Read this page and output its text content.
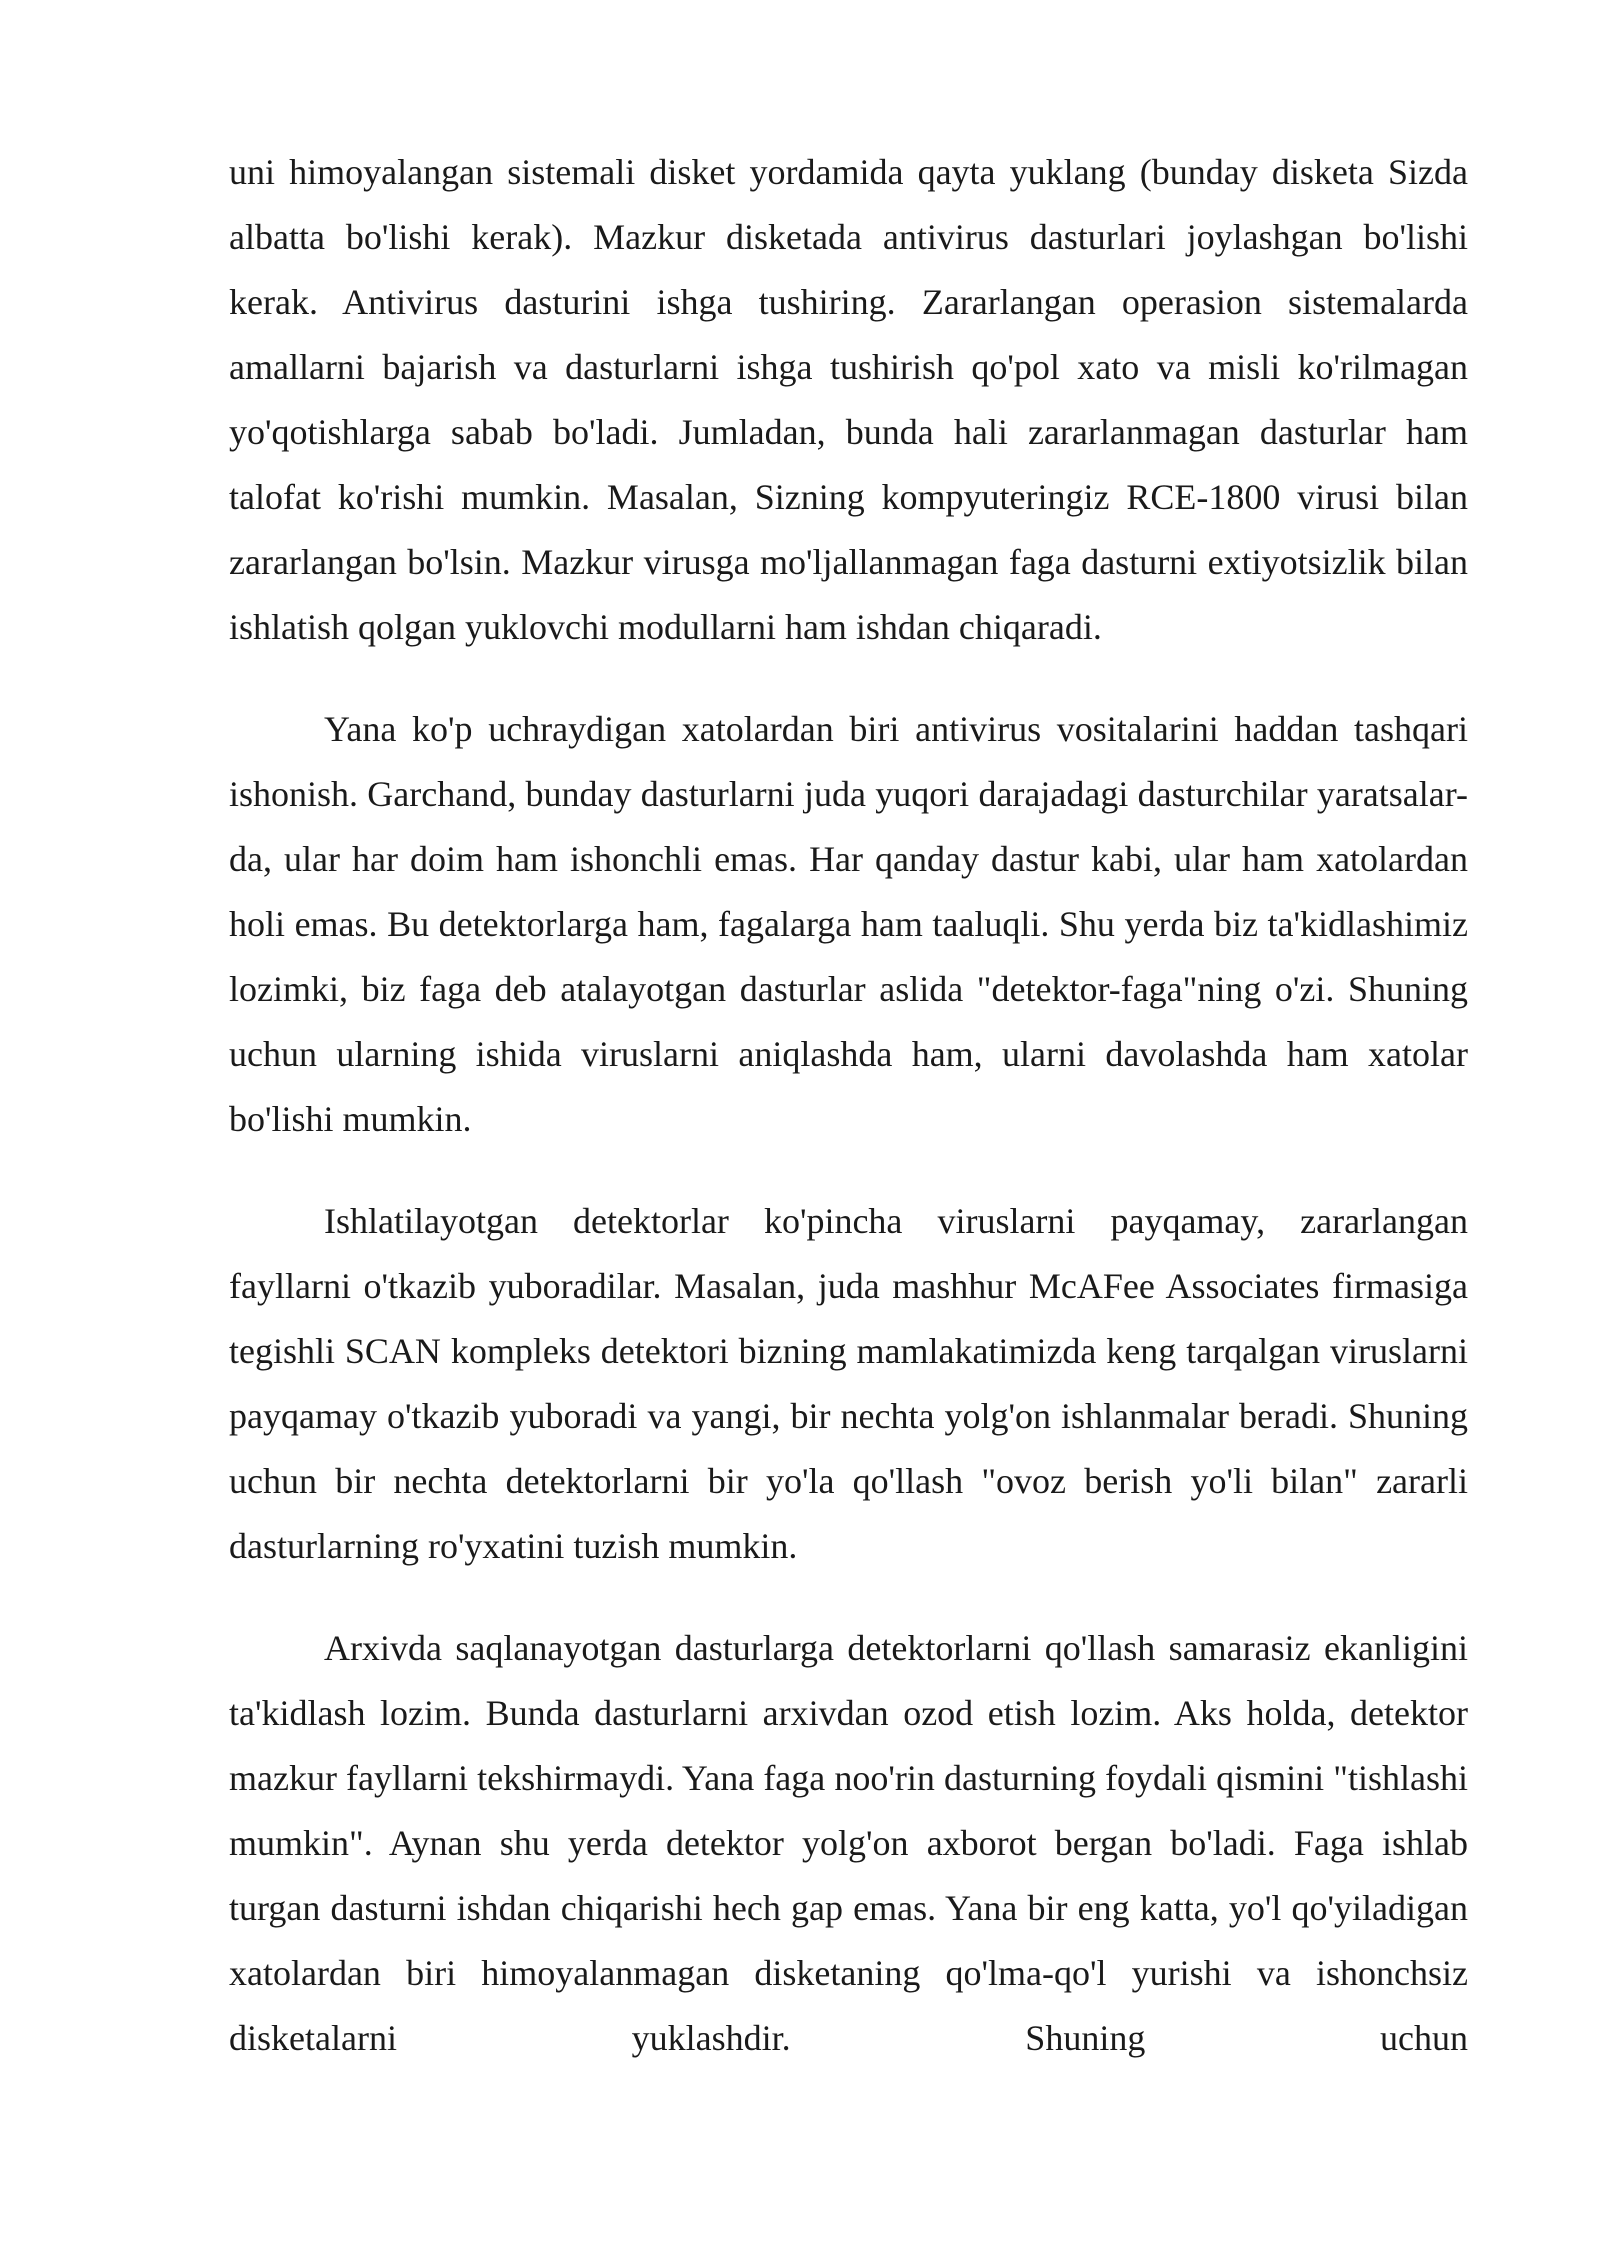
uni himoyalangan sistemali disket yordamida qayta yuklang (bunday disketa Sizda albatta bo'lishi kerak). Mazkur disketada antivirus dasturlari joylashgan bo'lishi kerak. Antivirus dasturini ishga tushiring. Zararlangan operasion sistemalarda amallarni bajarish va dasturlarni ishga tushirish qo'pol xato va misli ko'rilmagan yo'qotishlarga sabab bo'ladi. Jumladan, bunda hali zararlanmagan dasturlar ham talofat ko'rishi mumkin. Masalan, Sizning kompyuteringiz RCE-1800 virusi bilan zararlangan bo'lsin. Mazkur virusga mo'ljallanmagan faga dasturni extiyotsizlik bilan ishlatish qolgan yuklovchi modullarni ham ishdan chiqaradi.

Yana ko'p uchraydigan xatolardan biri antivirus vositalarini haddan tashqari ishonish. Garchand, bunday dasturlarni juda yuqori darajadagi dasturchilar yaratsalar-da, ular har doim ham ishonchli emas. Har qanday dastur kabi, ular ham xatolardan holi emas. Bu detektorlarga ham, fagalarga ham taaluqli. Shu yerda biz ta'kidlashimiz lozimki, biz faga deb atalayotgan dasturlar aslida "detektor-faga"ning o'zi. Shuning uchun ularning ishida viruslarni aniqlashda ham, ularni davolashda ham xatolar bo'lishi mumkin.

Ishlatilayotgan detektorlar ko'pincha viruslarni payqamay, zararlangan fayllarni o'tkazib yuboradilar. Masalan, juda mashhur McAFee Associates firmasiga tegishli SCAN kompleks detektori bizning mamlakatimizda keng tarqalgan viruslarni payqamay o'tkazib yuboradi va yangi, bir nechta yolg'on ishlanmalar beradi. Shuning uchun bir nechta detektorlarni bir yo'la qo'llash "ovoz berish yo'li bilan" zararli dasturlarning ro'yxatini tuzish mumkin.

Arxivda saqlanayotgan dasturlarga detektorlarni qo'llash samarasiz ekanligini ta'kidlash lozim. Bunda dasturlarni arxivdan ozod etish lozim. Aks holda, detektor mazkur fayllarni tekshirmaydi. Yana faga noo'rin dasturning foydali qismini "tishlashi mumkin". Aynan shu yerda detektor yolg'on axborot bergan bo'ladi. Faga ishlab turgan dasturni ishdan chiqarishi hech gap emas. Yana bir eng katta, yo'l qo'yiladigan xatolardan biri himoyalanmagan disketaning qo'lma-qo'l yurishi va ishonchsiz disketalarni yuklashdir. Shuning uchun
